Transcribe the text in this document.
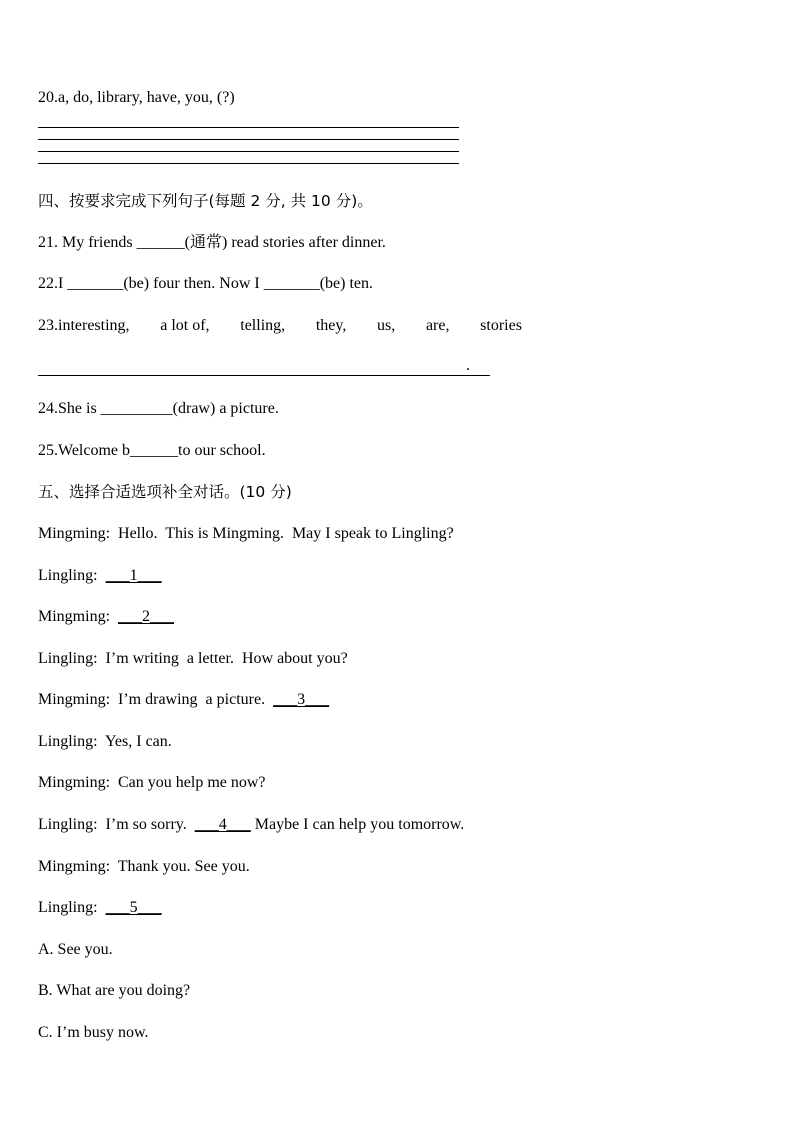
20.a, do, library, have, you, (?)
四、按要求完成下列句子(每题 2 分, 共 10 分)。
21. My friends ______(通常) read stories after dinner.
22.I _______(be) four then. Now I _______(be) ten.
23.interesting, a lot of, telling, they, us, are, stories
.
24.She is _________(draw) a picture.
25.Welcome b______to our school.
五、选择合适选项补全对话。(10 分)
Mingming:  Hello.  This is Mingming.  May I speak to Lingling?
Lingling:  ___1___
Mingming:  ___2___
Lingling:  I’m writing  a letter.  How about you?
Mingming:  I’m drawing  a picture.  ___3___
Lingling:  Yes, I can.
Mingming:  Can you help me now?
Lingling:  I’m so sorry.  ___4___ Maybe I can help you tomorrow.
Mingming:  Thank you. See you.
Lingling:  ___5___
A. See you.
B. What are you doing?
C. I’m busy now.
